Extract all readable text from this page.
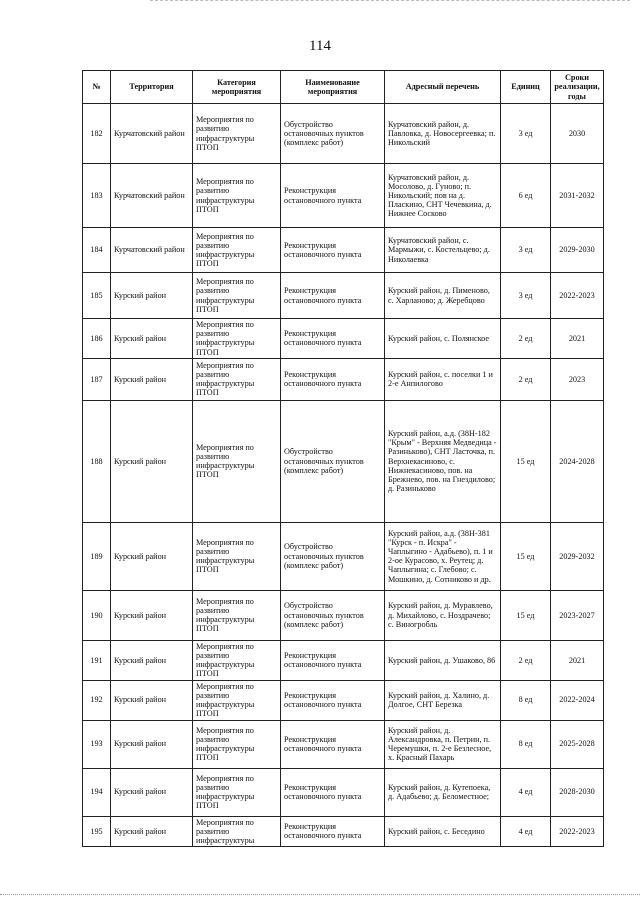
114
№	Территория	Категория мероприятия	Наименование мероприятия	Адресный перечень	Единиц	Сроки реализации, годы
182	Курчатовский район	Мероприятия по развитию инфраструктуры ПТОП	Обустройство остановочных пунктов (комплекс работ)	Курчатовский район, д. Павловка, д. Новосергеевка; п. Никольский	3 ед	2030
183	Курчатовский район	Мероприятия по развитию инфраструктуры ПТОП	Реконструкция остановочного пункта	Курчатовский район, д. Мосолово, д. Гуново; п. Никольский; пов на д. Пласкино, СНТ Чечевкина, д. Нижнее Сосково	6 ед	2031-2032
184	Курчатовский район	Мероприятия по развитию инфраструктуры ПТОП	Реконструкция остановочного пункта	Курчатовский район, с. Мармыжи, с. Костельцево; д. Николаевка	3 ед	2029-2030
185	Курский район	Мероприятия по развитию инфраструктуры ПТОП	Реконструкция остановочного пункта	Курский район, д. Пименово, с. Харланово; д. Жеребцово	3 ед	2022-2023
186	Курский район	Мероприятия по развитию инфраструктуры ПТОП	Реконструкция остановочного пункта	Курский район, с. Полянское	2 ед	2021
187	Курский район	Мероприятия по развитию инфраструктуры ПТОП	Реконструкция остановочного пункта	Курский район, с. поселки 1 и 2-е Анпилогово	2 ед	2023
188	Курский район	Мероприятия по развитию инфраструктуры ПТОП	Обустройство остановочных пунктов (комплекс работ)	Курский район, а.д. (38Н-182 "Крым" - Верхняя Медведица - Разиньково), СНТ Ласточка, п. Верхнекасиново, с. Нижнекасиново, пов. на Брежнево, пов. на Гнездилово; д. Разиньково	15 ед	2024-2028
189	Курский район	Мероприятия по развитию инфраструктуры ПТОП	Обустройство остановочных пунктов (комплекс работ)	Курский район, а.д. (38Н-381 "Курск - п. Искра" - Чаплыгино - Адабьево), п. 1 и 2-ое Курасово, х. Реутец; д. Чаплыгина; с. Глебово; с. Мошкино, д. Сотниково и др.	15 ед	2029-2032
190	Курский район	Мероприятия по развитию инфраструктуры ПТОП	Обустройство остановочных пунктов (комплекс работ)	Курский район, д. Муравлево, д. Михайлово, с. Ноздрачево; с. Виногробль	15 ед	2023-2027
191	Курский район	Мероприятия по развитию инфраструктуры ПТОП	Реконструкция остановочного пункта	Курский район, д. Ушаково, 86	2 ед	2021
192	Курский район	Мероприятия по развитию инфраструктуры ПТОП	Реконструкция остановочного пункта	Курский район, д. Халино, д. Долгое, СНТ Березка	8 ед	2022-2024
193	Курский район	Мероприятия по развитию инфраструктуры ПТОП	Реконструкция остановочного пункта	Курский район, д. Александровка, п. Петрин, п. Черемушки, п. 2-е Безлесное, х. Красный Пахарь	8 ед	2025-2028
194	Курский район	Мероприятия по развитию инфраструктуры ПТОП	Реконструкция остановочного пункта	Курский район, д. Кутепоека, д. Адабьево; д. Беломестное;	4 ед	2028-2030
195	Курский район	Мероприятия по развитию инфраструктуры	Реконструкция остановочного пункта	Курский район, с. Беседино	4 ед	2022-2023
